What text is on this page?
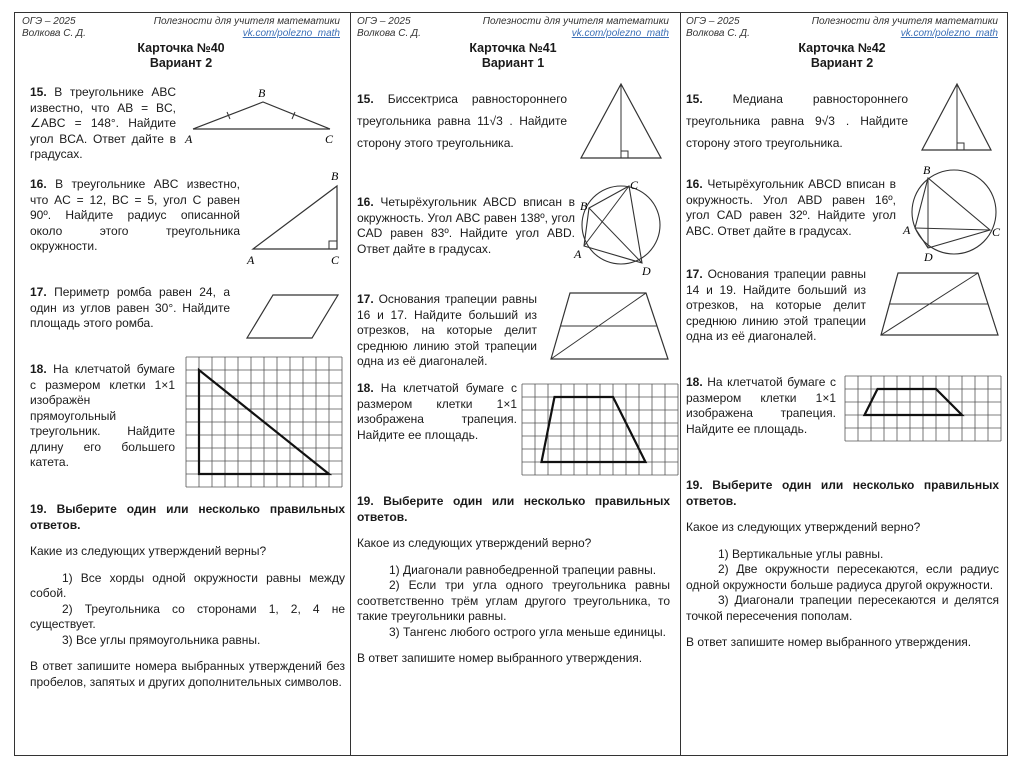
ОГЭ – 2025
Волкова С. Д.
Полезности для учителя математики
vk.com/polezno_math
Карточка №40
Вариант 2
15. В треугольнике ABC известно, что AB = BC, ∠ABC = 148°. Найдите угол BCA. Ответ дайте в градусах.
A
B
C
16. В треугольнике ABC известно, что AC = 12, BC = 5, угол C равен 90º. Найдите радиус описанной около этого треугольника окружности.
A
B
C
17. Периметр ромба равен 24, а один из углов равен 30°. Найдите площадь этого ромба.
18. На клетчатой бумаге с размером клетки 1×1 изображён прямоугольный треугольник. Найдите длину его большего катета.

19. Выберите один или несколько правильных ответов.

Какие из следующих утверждений верны?

1) Все хорды одной окружности равны между собой.

2) Треугольника со сторонами 1, 2, 4 не существует.

3) Все углы прямоугольника равны.

В ответ запишите номера выбранных утверждений без пробелов, запятых и других дополнительных символов.

ОГЭ – 2025
Волкова С. Д.
Полезности для учителя математики
vk.com/polezno_math
Карточка №41
Вариант 1
15. Биссектриса равностороннего треугольника равна 11√3 . Найдите сторону этого треугольника.
16. Четырёхугольник ABCD вписан в окружность. Угол ABC равен 138º, угол CAD равен 83º. Найдите угол ABD. Ответ дайте в градусах.	A
B
C
D
17. Основания трапеции равны 16 и 17. Найдите больший из отрезков, на которые делит среднюю линию этой трапеции одна из её диагоналей.
18. На клетчатой бумаге с размером клетки 1×1 изображена трапеция. Найдите ее площадь.

19. Выберите один или несколько правильных ответов.

Какое из следующих утверждений верно?

1) Диагонали равнобедренной трапеции равны.

2) Если три угла одного треугольника равны соответственно трём углам другого треугольника, то такие треугольники равны.

3) Тангенс любого острого угла меньше единицы.

В ответ запишите номер выбранного утверждения.

ОГЭ – 2025
Волкова С. Д.
Полезности для учителя математики
vk.com/polezno_math
Карточка №42
Вариант 2
15. Медиана равностороннего треугольника равна 9√3 . Найдите сторону этого треугольника.
16. Четырёхугольник ABCD вписан в окружность. Угол ABD равен 16º, угол CAD равен 32º. Найдите угол ABC. Ответ дайте в градусах.	A
B
C
D
17. Основания трапеции равны 14 и 19. Найдите больший из отрезков, на которые делит среднюю линию этой трапеции одна из её диагоналей.
18. На клетчатой бумаге с размером клетки 1×1 изображена трапеция. Найдите ее площадь.

19. Выберите один или несколько правильных ответов.

Какое из следующих утверждений верно?

1) Вертикальные углы равны.

2) Две окружности пересекаются, если радиус одной окружности больше радиуса другой окружности.

3) Диагонали трапеции пересекаются и делятся точкой пересечения пополам.

В ответ запишите номер выбранного утверждения.
